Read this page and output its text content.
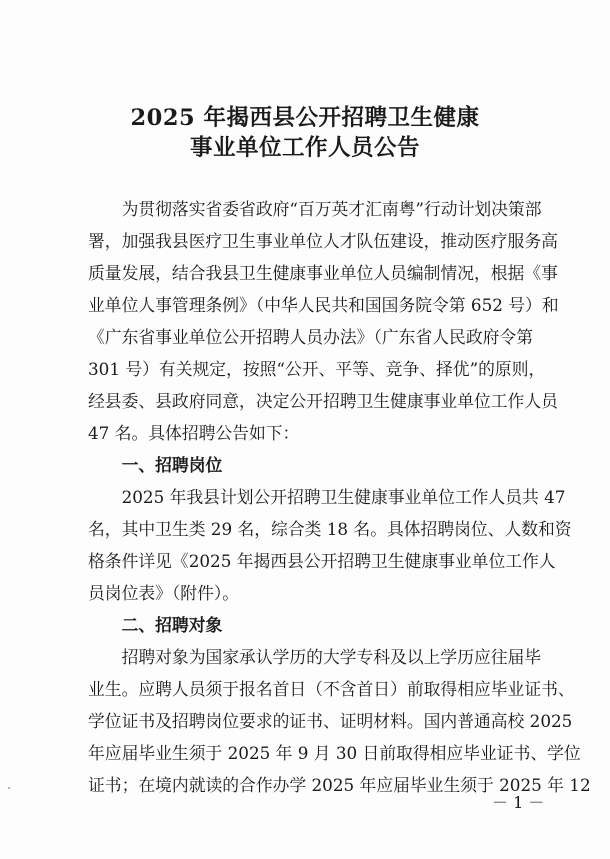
2025 年揭西县公开招聘卫生健康
事业单位工作人员公告
　　为贯彻落实省委省政府“百万英才汇南粤”行动计划决策部
署，加强我县医疗卫生事业单位人才队伍建设，推动医疗服务高
质量发展，结合我县卫生健康事业单位人员编制情况，根据《事
业单位人事管理条例》（中华人民共和国国务院令第 652 号）和
《广东省事业单位公开招聘人员办法》（广东省人民政府令第
301 号）有关规定，按照“公开、平等、竞争、择优”的原则，
经县委、县政府同意，决定公开招聘卫生健康事业单位工作人员
47 名。具体招聘公告如下：
　　一、招聘岗位
　　2025 年我县计划公开招聘卫生健康事业单位工作人员共 47
名，其中卫生类 29 名，综合类 18 名。具体招聘岗位、人数和资
格条件详见《2025 年揭西县公开招聘卫生健康事业单位工作人
员岗位表》（附件）。
　　二、招聘对象
　　招聘对象为国家承认学历的大学专科及以上学历应往届毕
业生。应聘人员须于报名首日（不含首日）前取得相应毕业证书、
学位证书及招聘岗位要求的证书、证明材料。国内普通高校 2025
年应届毕业生须于 2025 年 9 月 30 日前取得相应毕业证书、学位
证书；在境内就读的合作办学 2025 年应届毕业生须于 2025 年 12
－ 1 －
